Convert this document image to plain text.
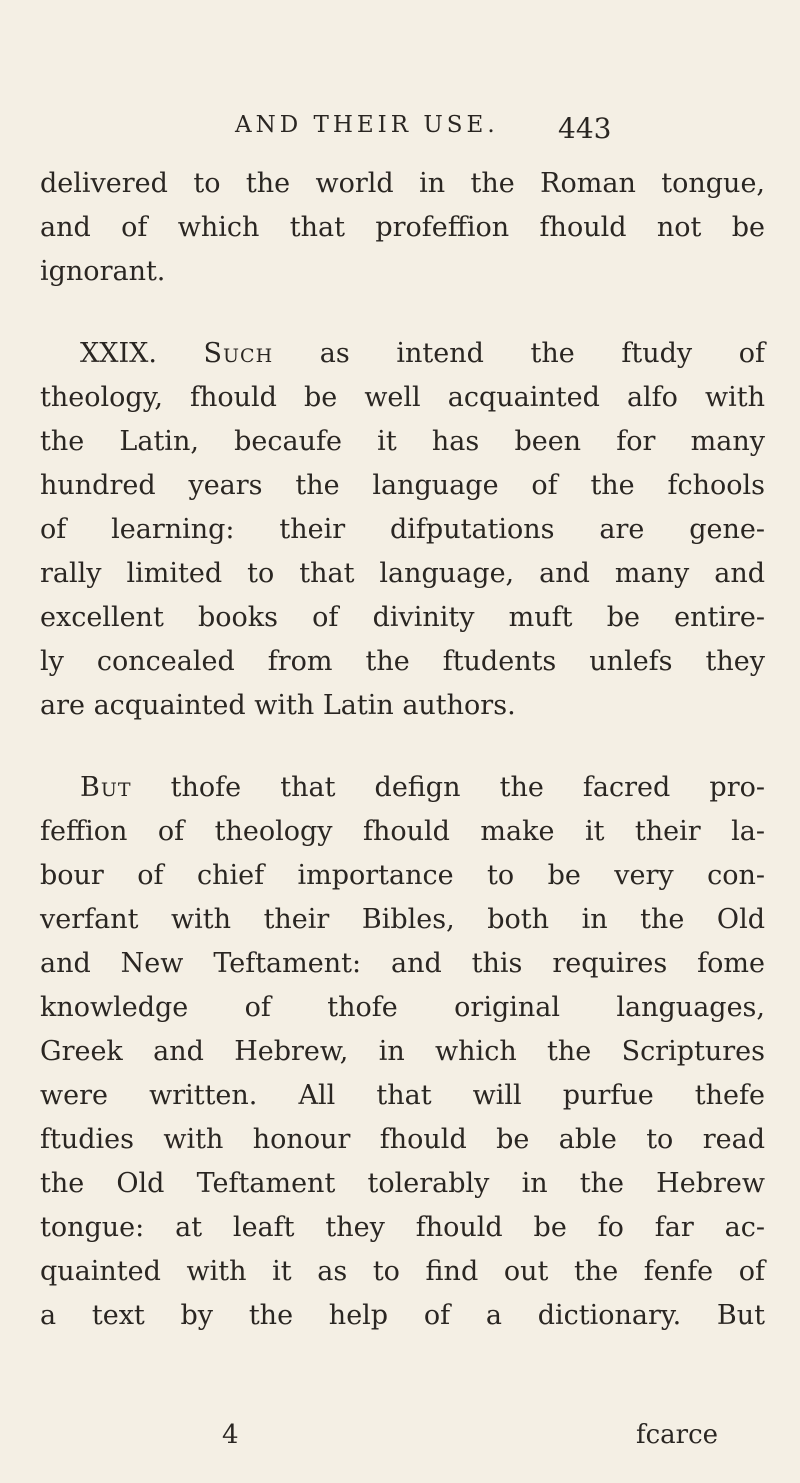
AND THEIR USE. 443
delivered to the world in the Roman tongue,
and of which that profeffion fhould not be
ignorant.
XXIX. Such as intend the ftudy of
theology, fhould be well acquainted alfo with
the Latin, becaufe it has been for many
hundred years the language of the fchools
of learning: their difputations are gene-
rally limited to that language, and many and
excellent books of divinity muft be entire-
ly concealed from the ftudents unlefs they
are acquainted with Latin authors.
But thofe that defign the facred pro-
feffion of theology fhould make it their la-
bour of chief importance to be very con-
verfant with their Bibles, both in the Old
and New Teftament: and this requires fome
knowledge of thofe original languages,
Greek and Hebrew, in which the Scriptures
were written. All that will purfue thefe
ftudies with honour fhould be able to read
the Old Teftament tolerably in the Hebrew
tongue: at leaft they fhould be fo far ac-
quainted with it as to find out the fenfe of
a text by the help of a dictionary. But
4	fcarce
